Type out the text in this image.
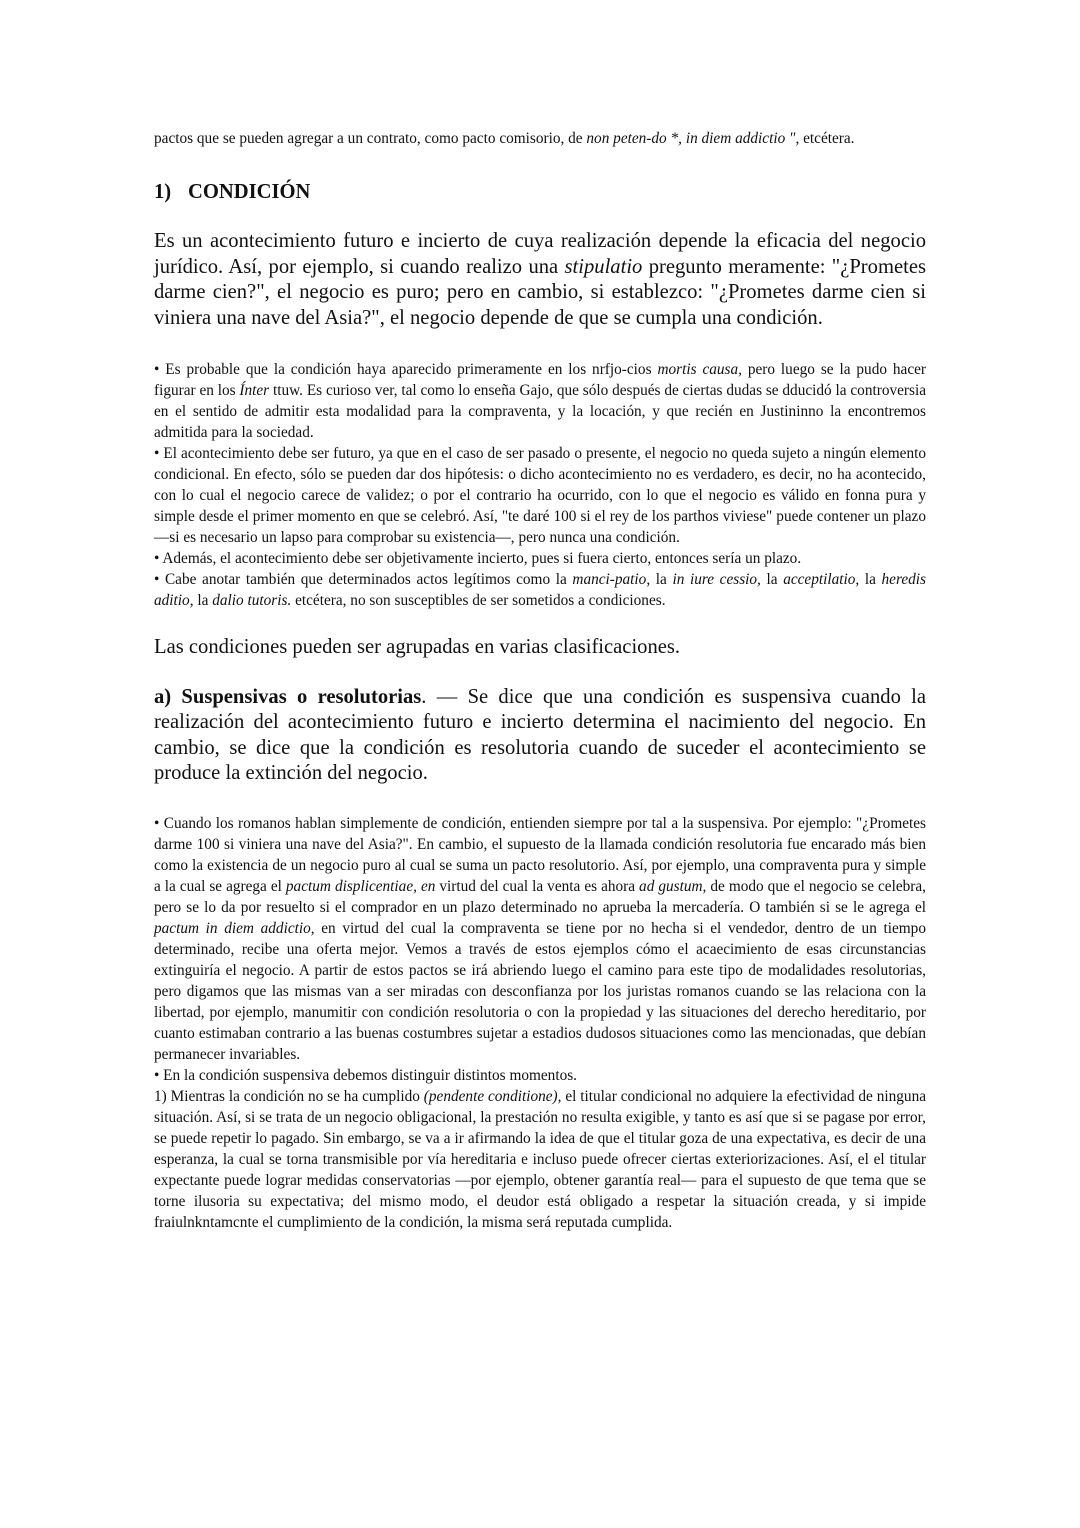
pactos que se pueden agregar a un contrato, como pacto comisorio, de non peten-do *, in diem addictio ", etcétera.

1) CONDICIÓN

Es un acontecimiento futuro e incierto de cuya realización depende la eficacia del negocio jurídico. Así, por ejemplo, si cuando realizo una stipulatio pregunto meramente: "¿Prometes darme cien?", el negocio es puro; pero en cambio, si establezco: "¿Prometes darme cien si viniera una nave del Asia?", el negocio depende de que se cumpla una condición.

• Es probable que la condición haya aparecido primeramente en los nrfjo-cios mortis causa, pero luego se la pudo hacer figurar en los Ínter ttuw. Es curioso ver, tal como lo enseña Gajo, que sólo después de ciertas dudas se dducidó la controversia en el sentido de admitir esta modalidad para la compraventa, y la locación, y que recién en Justininno la encontremos admitida para la sociedad.

• El acontecimiento debe ser futuro, ya que en el caso de ser pasado o presente, el negocio no queda sujeto a ningún elemento condicional. En efecto, sólo se pueden dar dos hipótesis: o dicho acontecimiento no es verdadero, es decir, no ha acontecido, con lo cual el negocio carece de validez; o por el contrario ha ocurrido, con lo que el negocio es válido en fonna pura y simple desde el primer momento en que se celebró. Así, "te daré 100 si el rey de los parthos viviese" puede contener un plazo —si es necesario un lapso para comprobar su existencia—, pero nunca una condición.

• Además, el acontecimiento debe ser objetivamente incierto, pues si fuera cierto, entonces sería un plazo.

• Cabe anotar también que determinados actos legítimos como la manci-patio, la in iure cessio, la acceptilatio, la heredis aditio, la dalio tutoris. etcétera, no son susceptibles de ser sometidos a condiciones.

Las condiciones pueden ser agrupadas en varias clasificaciones.

a) Suspensivas o resolutorias. — Se dice que una condición es suspensiva cuando la realización del acontecimiento futuro e incierto determina el nacimiento del negocio. En cambio, se dice que la condición es resolutoria cuando de suceder el acontecimiento se produce la extinción del negocio.

• Cuando los romanos hablan simplemente de condición, entienden siempre por tal a la suspensiva. Por ejemplo: "¿Prometes darme 100 si viniera una nave del Asia?". En cambio, el supuesto de la llamada condición resolutoria fue encarado más bien como la existencia de un negocio puro al cual se suma un pacto resolutorio. Así, por ejemplo, una compraventa pura y simple a la cual se agrega el pactum displicentiae, en virtud del cual la venta es ahora ad gustum, de modo que el negocio se celebra, pero se lo da por resuelto si el comprador en un plazo determinado no aprueba la mercadería. O también si se le agrega el pactum in diem addictio, en virtud del cual la compraventa se tiene por no hecha si el vendedor, dentro de un tiempo determinado, recibe una oferta mejor. Vemos a través de estos ejemplos cómo el acaecimiento de esas circunstancias extinguiría el negocio. A partir de estos pactos se irá abriendo luego el camino para este tipo de modalidades resolutorias, pero digamos que las mismas van a ser miradas con desconfianza por los juristas romanos cuando se las relaciona con la libertad, por ejemplo, manumitir con condición resolutoria o con la propiedad y las situaciones del derecho hereditario, por cuanto estimaban contrario a las buenas costumbres sujetar a estadios dudosos situaciones como las mencionadas, que debían permanecer invariables.

• En la condición suspensiva debemos distinguir distintos momentos.

1) Mientras la condición no se ha cumplido (pendente conditione), el titular condicional no adquiere la efectividad de ninguna situación. Así, si se trata de un negocio obligacional, la prestación no resulta exigible, y tanto es así que si se pagase por error, se puede repetir lo pagado. Sin embargo, se va a ir afirmando la idea de que el titular goza de una expectativa, es decir de una esperanza, la cual se torna transmisible por vía hereditaria e incluso puede ofrecer ciertas exteriorizaciones. Así, el el titular expectante puede lograr medidas conservatorias —por ejemplo, obtener garantía real— para el supuesto de que tema que se torne ilusoria su expectativa; del mismo modo, el deudor está obligado a respetar la situación creada, y si impide fraiulnkntamcnte el cumplimiento de la condición, la misma será reputada cumplida.
